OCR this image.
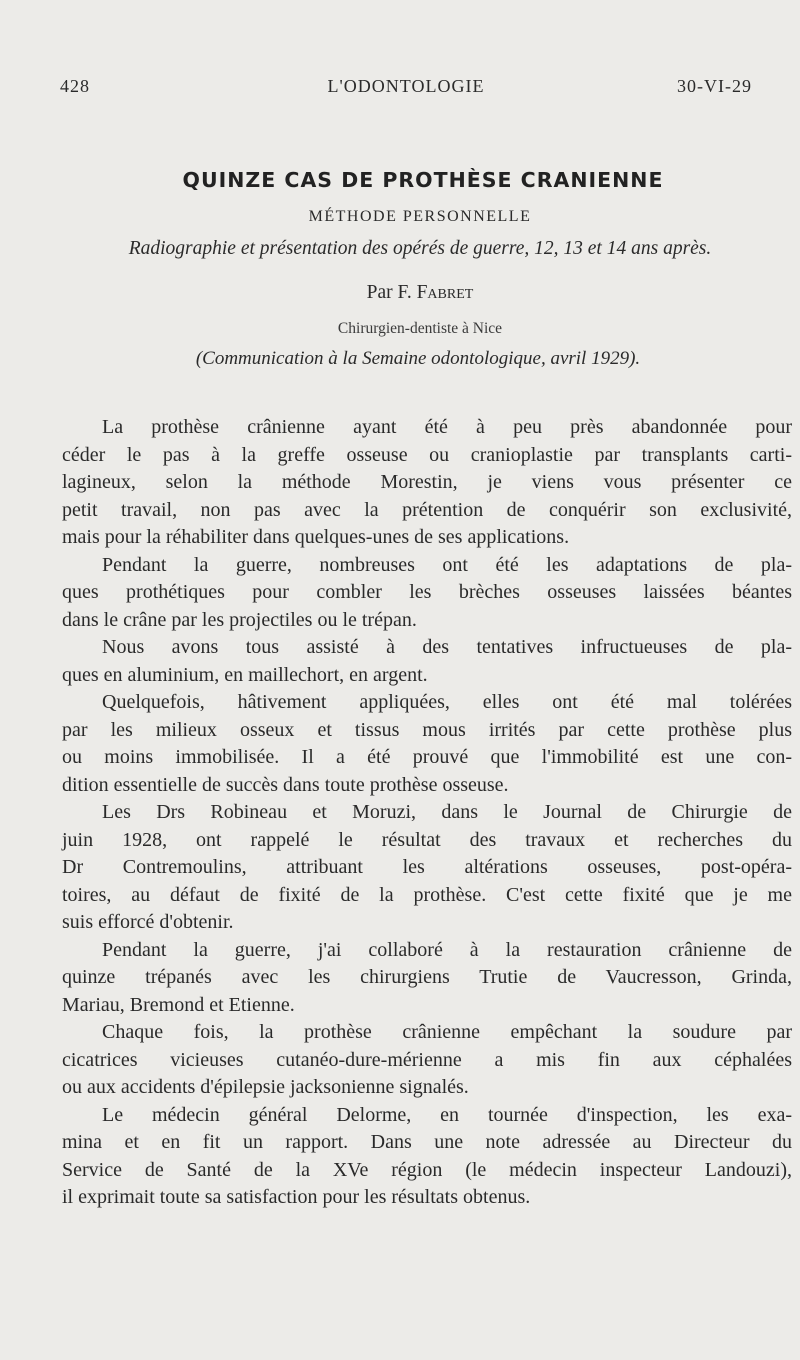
428	L'ODONTOLOGIE	30-VI-29
QUINZE CAS DE PROTHÈSE CRANIENNE
MÉTHODE PERSONNELLE
Radiographie et présentation des opérés de guerre, 12, 13 et 14 ans après.
Par F. Fabret
Chirurgien-dentiste à Nice
(Communication à la Semaine odontologique, avril 1929).
La prothèse crânienne ayant été à peu près abandonnée pour
céder le pas à la greffe osseuse ou cranioplastie par transplants carti-
lagineux, selon la méthode Morestin, je viens vous présenter ce
petit travail, non pas avec la prétention de conquérir son exclusivité,
mais pour la réhabiliter dans quelques-unes de ses applications.
Pendant la guerre, nombreuses ont été les adaptations de pla-
ques prothétiques pour combler les brèches osseuses laissées béantes
dans le crâne par les projectiles ou le trépan.
Nous avons tous assisté à des tentatives infructueuses de pla-
ques en aluminium, en maillechort, en argent.
Quelquefois, hâtivement appliquées, elles ont été mal tolérées
par les milieux osseux et tissus mous irrités par cette prothèse plus
ou moins immobilisée. Il a été prouvé que l'immobilité est une con-
dition essentielle de succès dans toute prothèse osseuse.
Les Drs Robineau et Moruzi, dans le Journal de Chirurgie de
juin 1928, ont rappelé le résultat des travaux et recherches du
Dr Contremoulins, attribuant les altérations osseuses, post-opéra-
toires, au défaut de fixité de la prothèse. C'est cette fixité que je me
suis efforcé d'obtenir.
Pendant la guerre, j'ai collaboré à la restauration crânienne de
quinze trépanés avec les chirurgiens Trutie de Vaucresson, Grinda,
Mariau, Bremond et Etienne.
Chaque fois, la prothèse crânienne empêchant la soudure par
cicatrices vicieuses cutanéo-dure-mérienne a mis fin aux céphalées
ou aux accidents d'épilepsie jacksonienne signalés.
Le médecin général Delorme, en tournée d'inspection, les exa-
mina et en fit un rapport. Dans une note adressée au Directeur du
Service de Santé de la XVe région (le médecin inspecteur Landouzi),
il exprimait toute sa satisfaction pour les résultats obtenus.
